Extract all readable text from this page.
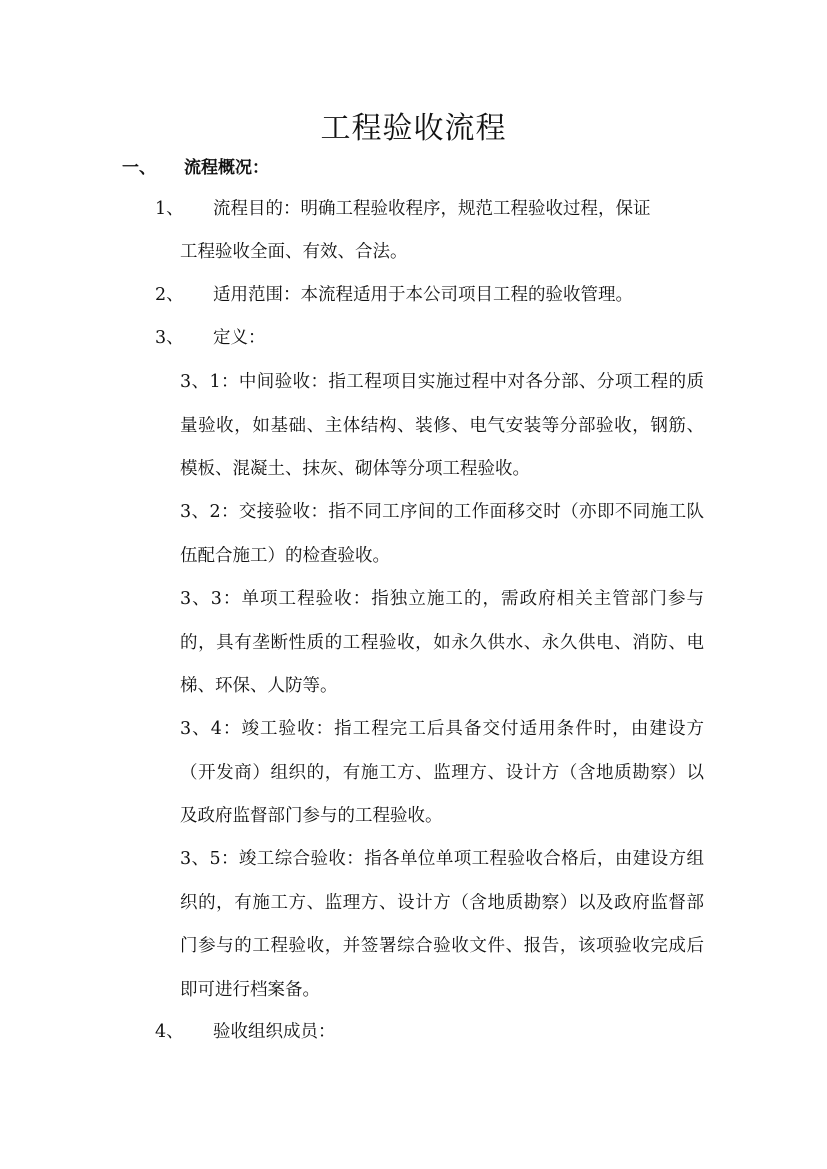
工程验收流程
一、 流程概况：
1、 流程目的：明确工程验收程序，规范工程验收过程，保证
工程验收全面、有效、合法。
2、 适用范围：本流程适用于本公司项目工程的验收管理。
3、 定义：
3、1：中间验收：指工程项目实施过程中对各分部、分项工程的质量验收，如基础、主体结构、装修、电气安装等分部验收，钢筋、模板、混凝土、抹灰、砌体等分项工程验收。
3、2：交接验收：指不同工序间的工作面移交时（亦即不同施工队伍配合施工）的检查验收。
3、3：单项工程验收：指独立施工的，需政府相关主管部门参与的，具有垄断性质的工程验收，如永久供水、永久供电、消防、电梯、环保、人防等。
3、4：竣工验收：指工程完工后具备交付适用条件时，由建设方（开发商）组织的，有施工方、监理方、设计方（含地质勘察）以及政府监督部门参与的工程验收。
3、5：竣工综合验收：指各单位单项工程验收合格后，由建设方组织的，有施工方、监理方、设计方（含地质勘察）以及政府监督部门参与的工程验收，并签署综合验收文件、报告，该项验收完成后即可进行档案备。
4、 验收组织成员：
